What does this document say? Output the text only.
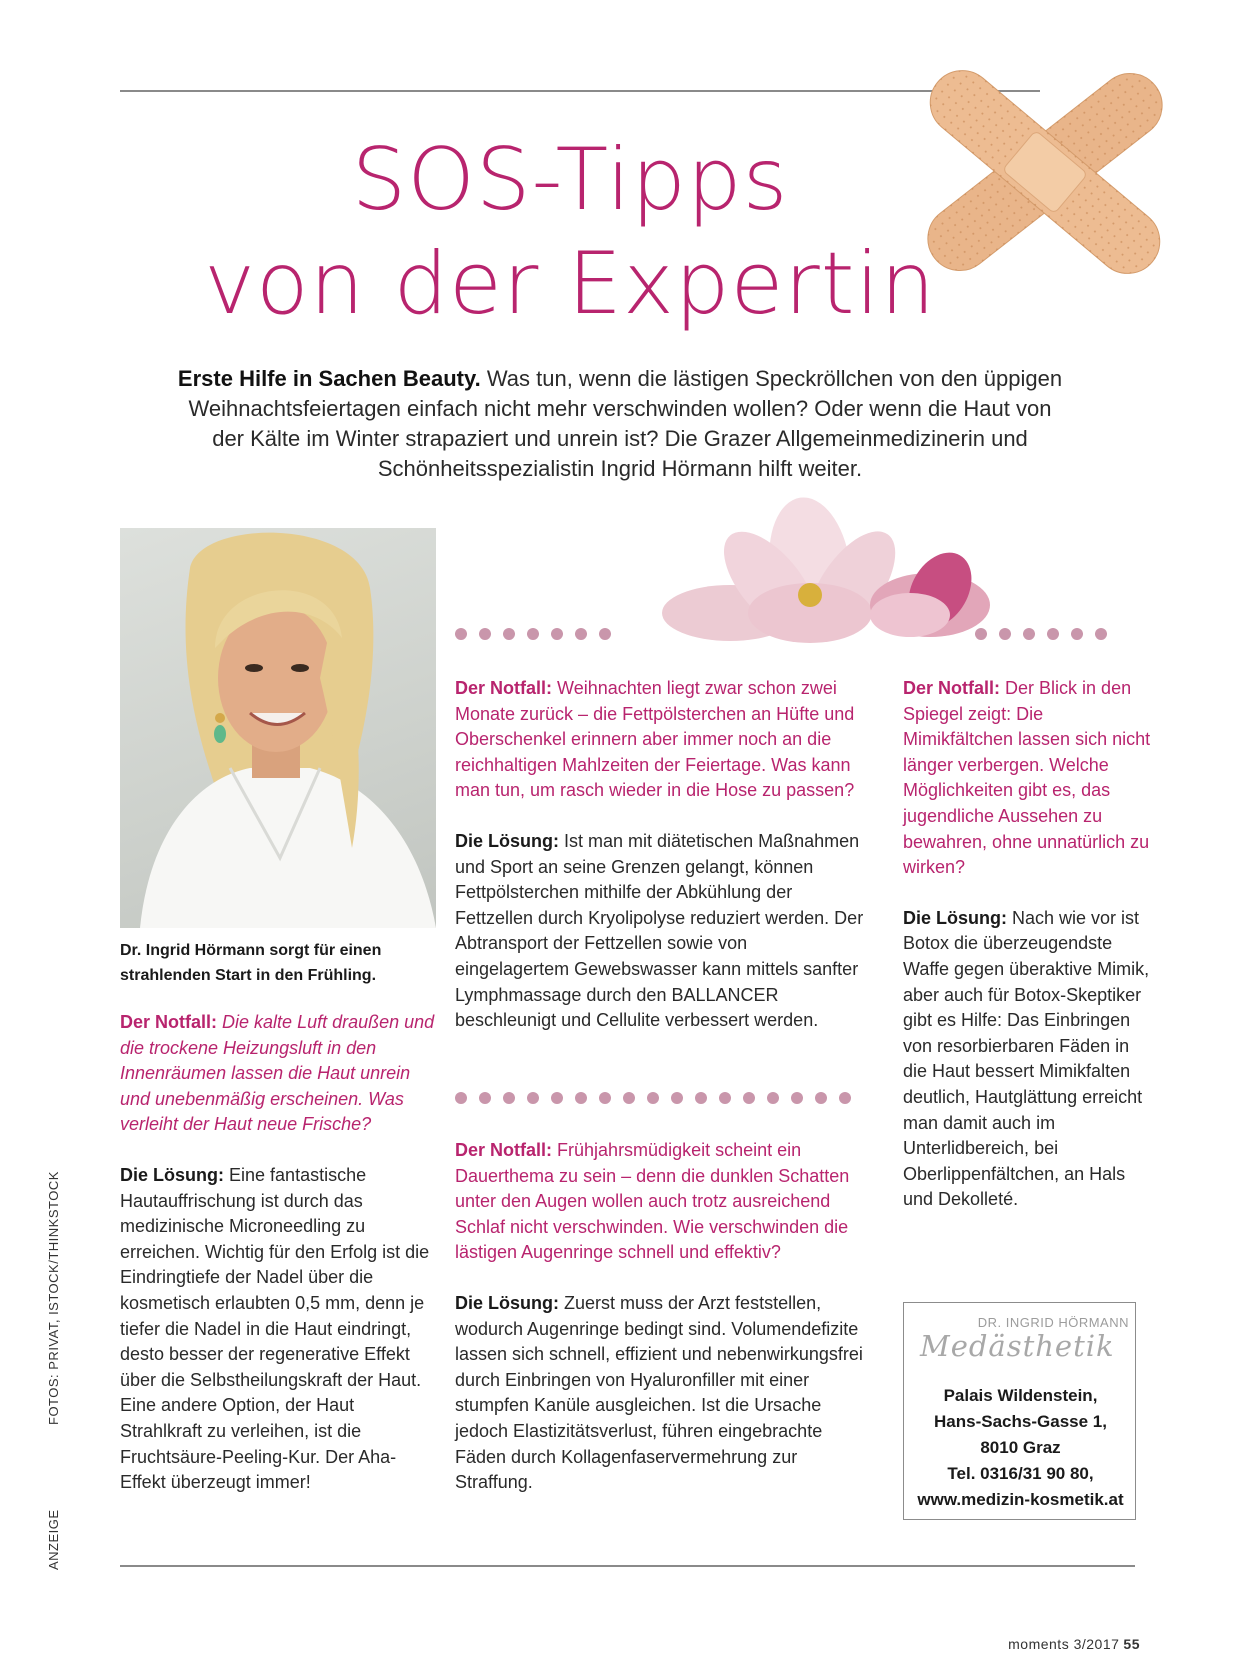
SOS-Tipps
von der Expertin
Erste Hilfe in Sachen Beauty. Was tun, wenn die lästigen Speckröllchen von den üppigen
Weihnachtsfeiertagen einfach nicht mehr verschwinden wollen? Oder wenn die Haut von
der Kälte im Winter strapaziert und unrein ist? Die Grazer Allgemeinmedizinerin und
Schönheitsspezialistin Ingrid Hörmann hilft weiter.
Dr. Ingrid Hörmann sorgt für einen
strahlenden Start in den Frühling.

Der Notfall: Die kalte Luft draußen und die trockene Heizungsluft in den Innenräumen lassen die Haut unrein und unebenmäßig erscheinen. Was verleiht der Haut neue Frische?

Die Lösung: Eine fantastische Hautauffrischung ist durch das medizinische Microneedling zu erreichen. Wichtig für den Erfolg ist die Eindringtiefe der Nadel über die kosmetisch erlaubten 0,5 mm, denn je tiefer die Nadel in die Haut eindringt, desto besser der regenerative Effekt über die Selbstheilungskraft der Haut. Eine andere Option, der Haut Strahlkraft zu verleihen, ist die Fruchtsäure-Peeling-Kur. Der Aha-Effekt überzeugt immer!

Der Notfall: Weihnachten liegt zwar schon zwei Monate zurück – die Fettpölsterchen an Hüfte und Oberschenkel erinnern aber immer noch an die reichhaltigen Mahlzeiten der Feiertage. Was kann man tun, um rasch wieder in die Hose zu passen?

Die Lösung: Ist man mit diätetischen Maßnahmen und Sport an seine Grenzen gelangt, können Fettpölsterchen mithilfe der Abkühlung der Fettzellen durch Kryolipolyse reduziert werden. Der Abtransport der Fettzellen sowie von eingelagertem Gewebswasser kann mittels sanfter Lymphmassage durch den BALLANCER beschleunigt und Cellulite verbessert werden.

Der Notfall: Frühjahrsmüdigkeit scheint ein Dauerthema zu sein – denn die dunklen Schatten unter den Augen wollen auch trotz ausreichend Schlaf nicht verschwinden. Wie verschwinden die lästigen Augenringe schnell und effektiv?

Die Lösung: Zuerst muss der Arzt feststellen, wodurch Augenringe bedingt sind. Volumendefizite lassen sich schnell, effizient und nebenwirkungsfrei durch Einbringen von Hyaluronfiller mit einer stumpfen Kanüle ausgleichen. Ist die Ursache jedoch Elastizitätsverlust, führen eingebrachte Fäden durch Kollagenfaservermehrung zur Straffung.

Der Notfall: Der Blick in den Spiegel zeigt: Die Mimikfältchen lassen sich nicht länger verbergen. Welche Möglichkeiten gibt es, das jugendliche Aussehen zu bewahren, ohne unnatürlich zu wirken?

Die Lösung: Nach wie vor ist Botox die überzeugendste Waffe gegen überaktive Mimik, aber auch für Botox-Skeptiker gibt es Hilfe: Das Einbringen von resorbierbaren Fäden in die Haut bessert Mimikfalten deutlich, Hautglättung erreicht man damit auch im Unterlidbereich, bei Oberlippenfältchen, an Hals und Dekolleté.

DR. INGRID HÖRMANN
Medästhetik
Palais Wildenstein,
Hans-Sachs-Gasse 1,
8010 Graz
Tel. 0316/31 90 80,
www.medizin-kosmetik.at
FOTOS: PRIVAT, ISTOCK/THINKSTOCK
ANZEIGE
moments 3/2017 55
